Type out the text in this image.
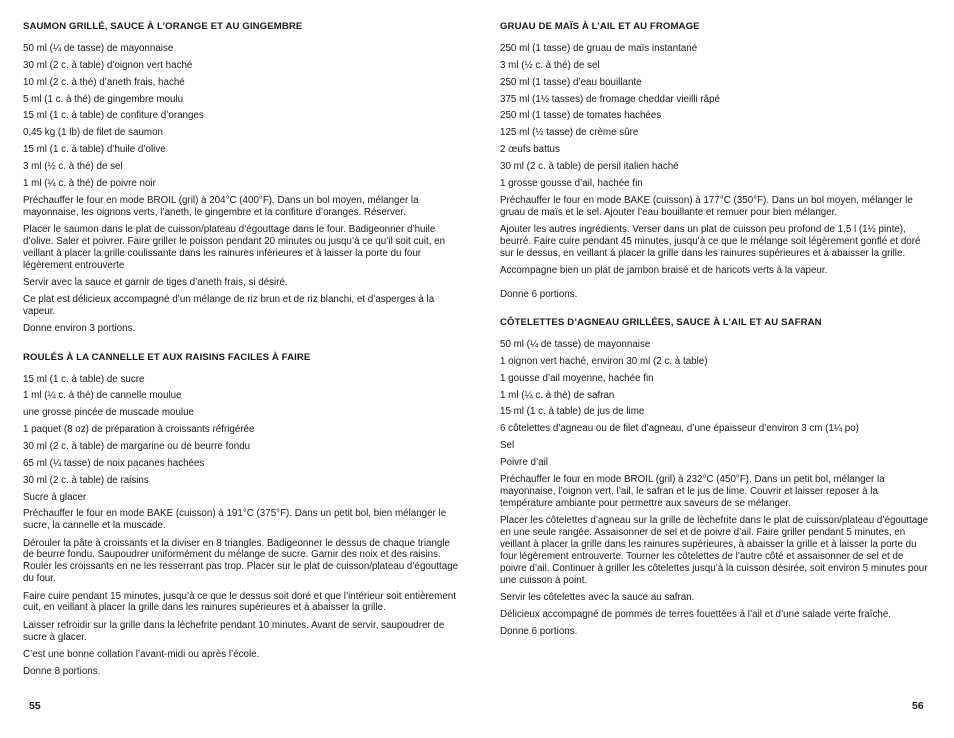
SAUMON GRILLÉ, SAUCE À L’ORANGE ET AU GINGEMBRE
50 ml (¼ de tasse) de mayonnaise
30 ml (2 c. à table) d’oignon vert haché
10 ml (2 c. à thé) d’aneth frais, haché
5 ml (1 c. à thé) de gingembre moulu
15 ml (1 c. à table) de confiture d’oranges
0,45 kg (1 lb) de filet de saumon
15 ml (1 c. à table) d’huile d’olive
3 ml (½ c. à thé) de sel
1 ml (¼ c. à thé) de poivre noir
Préchauffer le four en mode BROIL (gril) à 204°C (400°F). Dans un bol moyen, mélanger la mayonnaise, les oignons verts, l’aneth, le gingembre et la confiture d’oranges. Réserver.
Placer le saumon dans le plat de cuisson/plateau d’égouttage dans le four. Badigeonner d’huile d’olive. Saler et poivrer. Faire griller le poisson pendant 20 minutes ou jusqu’à ce qu’il soit cuit, en veillant à placer la grille coulissante dans les rainures inférieures et à laisser la porte du four légèrement entrouverte
Servir avec la sauce et garnir de tiges d’aneth frais, si désiré.
Ce plat est délicieux accompagné d’un mélange de riz brun et de riz blanchi, et d’asperges à la vapeur.
Donne environ 3 portions.
ROULÉS À LA CANNELLE ET AUX RAISINS FACILES À FAIRE
15 ml (1 c. à table) de sucre
1 ml (¼ c. à thé) de cannelle moulue
une grosse pincée de muscade moulue
1 paquet (8 oz) de préparation à croissants réfrigérée
30 ml (2 c. à table) de margarine ou de beurre fondu
65 ml (¼ tasse) de noix pacanes hachées
30 ml (2 c. à table) de raisins
Sucre à glacer
Préchauffer le four en mode BAKE (cuisson) à 191°C (375°F). Dans un petit bol, bien mélanger le sucre, la cannelle et la muscade.
Dérouler la pâte à croissants et la diviser en 8 triangles. Badigeonner le dessus de chaque triangle de beurre fondu. Saupoudrer uniformément du mélange de sucre. Garnir des noix et des raisins. Rouler les croissants en ne les resserrant pas trop. Placer sur le plat de cuisson/plateau d’égouttage du four.
Faire cuire pendant 15 minutes, jusqu’à ce que le dessus soit doré et que l’intérieur soit entièrement cuit, en veillant à placer la grille dans les rainures supérieures et à abaisser la grille.
Laisser refroidir sur la grille dans la lèchefrite pendant 10 minutes. Avant de servir, saupoudrer de sucre à glacer.
C’est une bonne collation l’avant-midi ou après l’école.
Donne 8 portions.
GRUAU DE MAÏS À L’AIL ET AU FROMAGE
250 ml (1 tasse) de gruau de maïs instantané
3 ml (½ c. à thé) de sel
250 ml (1 tasse) d’eau bouillante
375 ml (1½ tasses) de fromage cheddar vieilli râpé
250 ml (1 tasse) de tomates hachées
125 ml (½ tasse) de crème sûre
2 œufs battus
30 ml (2 c. à table) de persil italien haché
1 grosse gousse d’ail, hachée fin
Préchauffer le four en mode BAKE (cuisson) à 177°C (350°F). Dans un bol moyen, mélanger le gruau de maïs et le sel. Ajouter l’eau bouillante et remuer pour bien mélanger.
Ajouter les autres ingrédients. Verser dans un plat de cuisson peu profond de 1,5 l (1½ pinte), beurré. Faire cuire pendant 45 minutes, jusqu’à ce que le mélange soit légèrement gonflé et doré sur le dessus, en veillant à placer la grille dans les rainures supérieures et à abaisser la grille.
Accompagne bien un plat de jambon braisé et de haricots verts à la vapeur.
Donne 6 portions.
CÔTELETTES D’AGNEAU GRILLÉES, SAUCE À L’AIL ET AU SAFRAN
50 ml (¼ de tasse) de mayonnaise
1 oignon vert haché, environ 30 ml (2 c. à table)
1 gousse d’ail moyenne, hachée fin
1 ml (¼ c. à thé) de safran
15 ml (1 c. à table) de jus de lime
6 côtelettes d’agneau ou de filet d’agneau, d’une épaisseur d’environ 3 cm (1¼ po)
Sel
Poivre d’ail
Préchauffer le four en mode BROIL (gril) à 232°C (450°F). Dans un petit bol, mélanger la mayonnaise, l’oignon vert, l’ail, le safran et le jus de lime. Couvrir et laisser reposer à la température ambiante pour permettre aux saveurs de se mélanger.
Placer les côtelettes d’agneau sur la grille de lèchefrite dans le plat de cuisson/plateau d’égouttage en une seule rangée. Assaisonner de sel et de poivre d’ail. Faire griller pendant 5 minutes, en veillant à placer la grille dans les rainures supérieures, à abaisser la grille et à laisser la porte du four légèrement entrouverte. Tourner les côtelettes de l’autre côté et assaisonner de sel et de poivre d’ail. Continuer à griller les côtelettes jusqu’à la cuisson désirée, soit environ 5 minutes pour une cuisson à point.
Servir les côtelettes avec la sauce au safran.
Délicieux accompagné de pommes de terres fouettées à l’ail et d’une salade verte fraîche.
Donne 6 portions.
55	56
